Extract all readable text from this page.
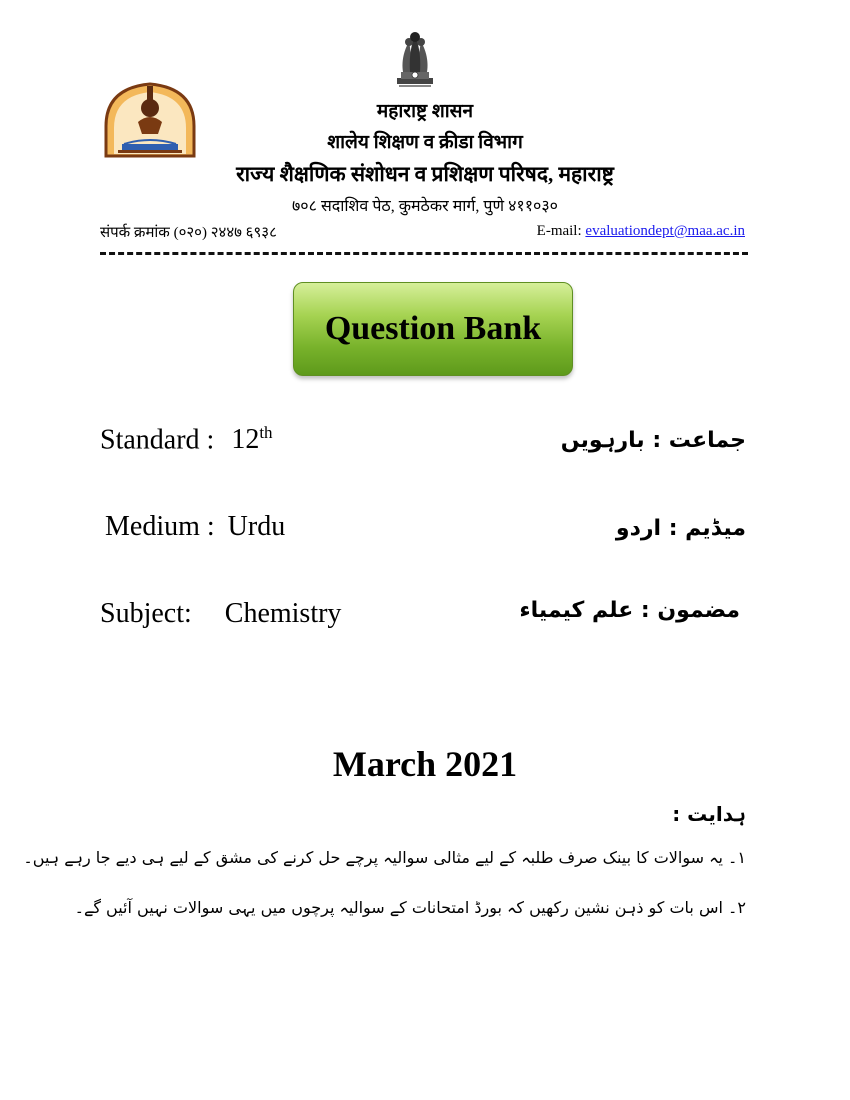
महाराष्ट्र शासन
शालेय शिक्षण व क्रीडा विभाग
राज्य शैक्षणिक संशोधन व प्रशिक्षण परिषद, महाराष्ट्र
७०८ सदाशिव पेठ, कुमठेकर मार्ग, पुणे ४११०३०
संपर्क क्रमांक (०२०) २४४७ ६९३८	E-mail: evaluationdept@maa.ac.in
Question Bank
Standard : 12th	جماعت : بارہویں
Medium : Urdu	میڈیم : اردو
Subject: Chemistry	مضمون : علم کیمیاء
March 2021
ہدایت :
۱۔ یہ سوالات کا بینک صرف طلبہ کے لیے مثالی سوالیہ پرچے حل کرنے کی مشق کے لیے ہی دیے جا رہے ہیں۔
۲۔ اس بات کو ذہن نشین رکھیں کہ بورڈ امتحانات کے سوالیہ پرچوں میں یہی سوالات نہیں آئیں گے۔
